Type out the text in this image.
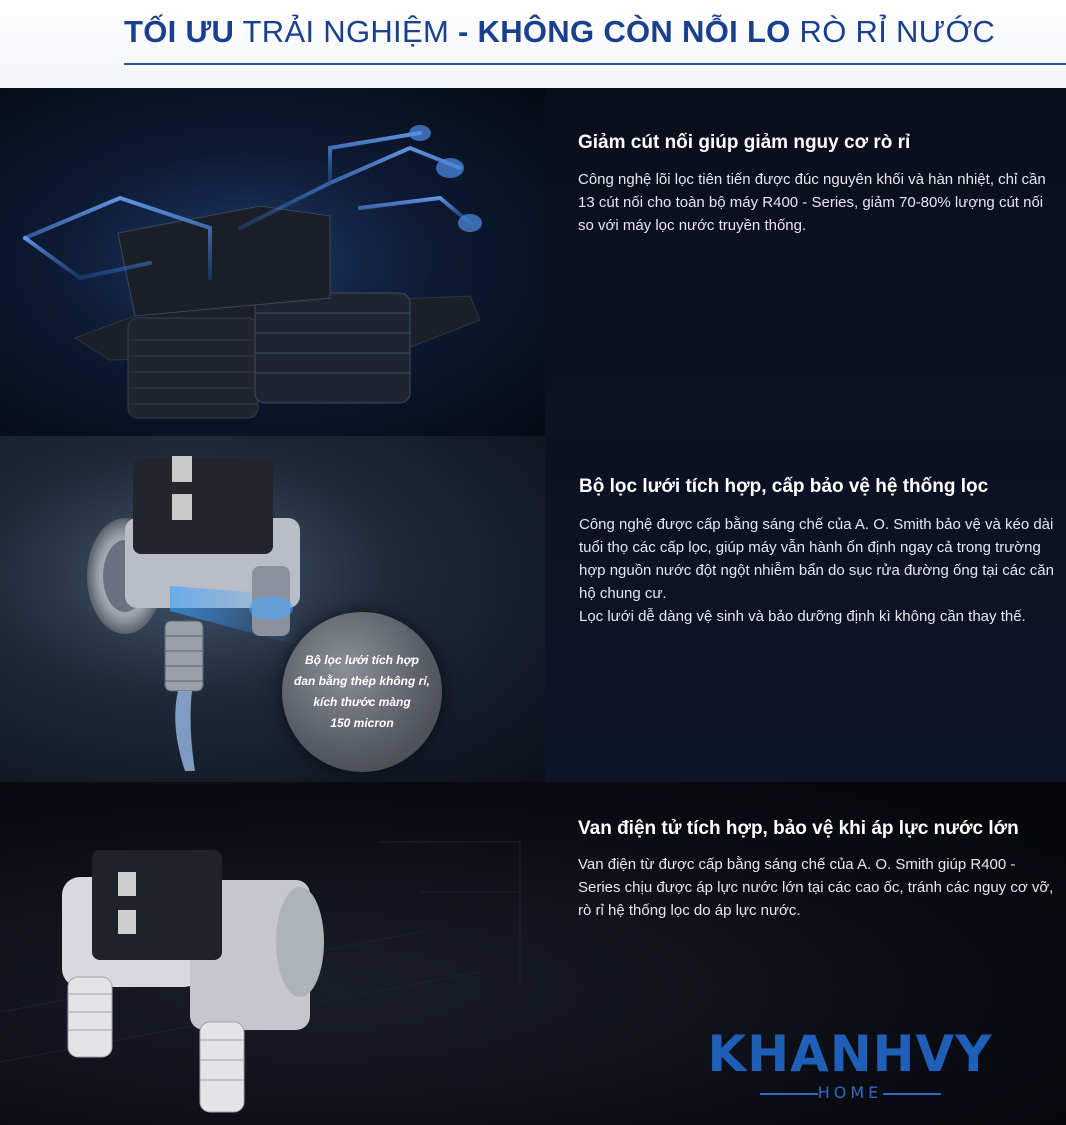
TỐI ƯU TRẢI NGHIỆM - KHÔNG CÒN NỖI LO RÒ RỈ NƯỚC
Giảm cút nối giúp giảm nguy cơ rò rỉ

Công nghệ lõi lọc tiên tiến được đúc nguyên khối và hàn nhiệt, chỉ cần 13 cút nối cho toàn bộ máy R400 - Series, giảm 70-80% lượng cút nối so với máy lọc nước truyền thống.

Bộ lọc lưới tích hợp
đan bằng thép không rỉ,
kích thước màng
150 micron
Bộ lọc lưới tích hợp, cấp bảo vệ hệ thống lọc

Công nghệ được cấp bằng sáng chế của A. O. Smith bảo vệ và kéo dài tuổi thọ các cấp lọc, giúp máy vẫn hành ổn định ngay cả trong trường hợp nguồn nước đột ngột nhiễm bẩn do sục rửa đường ống tại các căn hộ chung cư.

Lọc lưới dễ dàng vệ sinh và bảo dưỡng định kì không cần thay thế.

Van điện tử tích hợp, bảo vệ khi áp lực nước lớn

Van điện từ được cấp bằng sáng chế của A. O. Smith giúp R400 - Series chịu được áp lực nước lớn tại các cao ốc, tránh các nguy cơ vỡ, rò rỉ hệ thống lọc do áp lực nước.

KHANHVY
HOME
